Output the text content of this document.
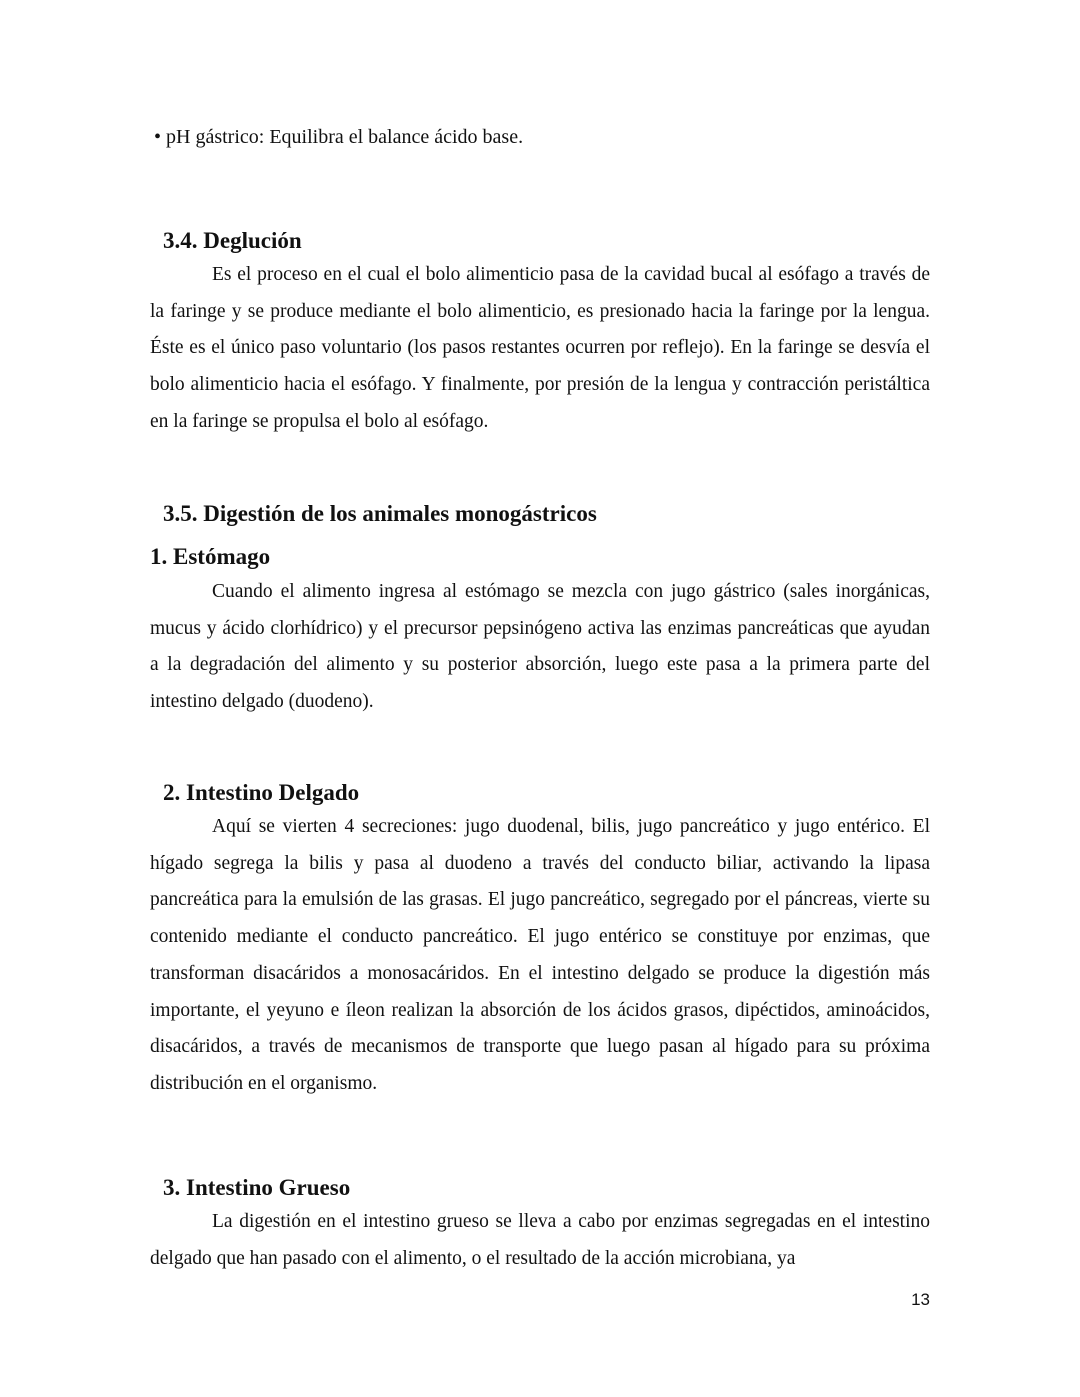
• pH gástrico: Equilibra el balance ácido base.

3.4. Deglución

Es el proceso en el cual el bolo alimenticio pasa de la cavidad bucal al esófago a través de la faringe y se produce mediante el bolo alimenticio, es presionado hacia la faringe por la lengua. Éste es el único paso voluntario (los pasos restantes ocurren por reflejo). En la faringe se desvía el bolo alimenticio hacia el esófago. Y finalmente, por presión de la lengua y contracción peristáltica en la faringe se propulsa el bolo al esófago.

3.5. Digestión de los animales monogástricos
1. Estómago

Cuando el alimento ingresa al estómago se mezcla con jugo gástrico (sales inorgánicas, mucus y ácido clorhídrico) y el precursor pepsinógeno activa las enzimas pancreáticas que ayudan a la degradación del alimento y su posterior absorción, luego este pasa a la primera parte del intestino delgado (duodeno).

2. Intestino Delgado

Aquí se vierten 4 secreciones: jugo duodenal, bilis, jugo pancreático y jugo entérico. El hígado segrega la bilis y pasa al duodeno a través del conducto biliar, activando la lipasa pancreática para la emulsión de las grasas. El jugo pancreático, segregado por el páncreas, vierte su contenido mediante el conducto pancreático. El jugo entérico se constituye por enzimas, que transforman disacáridos a monosacáridos. En el intestino delgado se produce la digestión más importante, el yeyuno e íleon realizan la absorción de los ácidos grasos, dipéctidos, aminoácidos, disacáridos, a través de mecanismos de transporte que luego pasan al hígado para su próxima distribución en el organismo.

3. Intestino Grueso

La digestión en el intestino grueso se lleva a cabo por enzimas segregadas en el intestino delgado que han pasado con el alimento, o el resultado de la acción microbiana, ya

13
